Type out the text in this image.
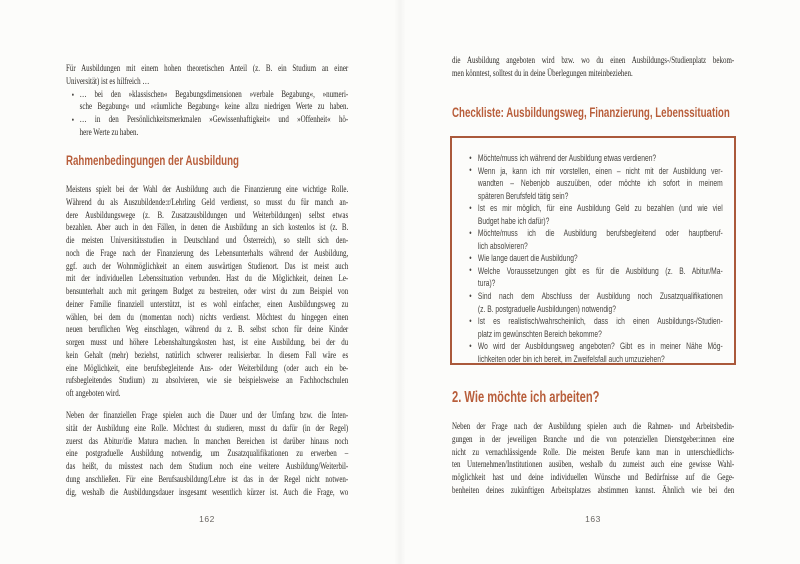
Für Ausbildungen mit einem hohen theoretischen Anteil (z. B. ein Studium an einer
Universität) ist es hilfreich …
• … bei den »klassischen« Begabungsdimensionen »verbale Begabung«, »numeri-
sche Begabung« und »räumliche Begabung« keine allzu niedrigen Werte zu haben.
• … in den Persönlichkeitsmerkmalen »Gewissenhaftigkeit« und »Offenheit« hö-
here Werte zu haben.
Rahmenbedingungen der Ausbildung
Meistens spielt bei der Wahl der Ausbildung auch die Finanzierung eine wichtige Rolle.
Während du als Auszubildende:r/Lehrling Geld verdienst, so musst du für manch an-
dere Ausbildungswege (z. B. Zusatzausbildungen und Weiterbildungen) selbst etwas
bezahlen. Aber auch in den Fällen, in denen die Ausbildung an sich kostenlos ist (z. B.
die meisten Universitätsstudien in Deutschland und Österreich), so stellt sich den-
noch die Frage nach der Finanzierung des Lebensunterhalts während der Ausbildung,
ggf. auch der Wohnmöglichkeit an einem auswärtigen Studienort. Das ist meist auch
mit der individuellen Lebenssituation verbunden. Hast du die Möglichkeit, deinen Le-
bensunterhalt auch mit geringem Budget zu bestreiten, oder wirst du zum Beispiel von
deiner Familie finanziell unterstützt, ist es wohl einfacher, einen Ausbildungsweg zu
wählen, bei dem du (momentan noch) nichts verdienst. Möchtest du hingegen einen
neuen beruflichen Weg einschlagen, während du z. B. selbst schon für deine Kinder
sorgen musst und höhere Lebenshaltungskosten hast, ist eine Ausbildung, bei der du
kein Gehalt (mehr) beziehst, natürlich schwerer realisierbar. In diesem Fall wäre es
eine Möglichkeit, eine berufsbegleitende Aus- oder Weiterbildung (oder auch ein be-
rufsbegleitendes Studium) zu absolvieren, wie sie beispielsweise an Fachhochschulen
oft angeboten wird.
Neben der finanziellen Frage spielen auch die Dauer und der Umfang bzw. die Inten-
sität der Ausbildung eine Rolle. Möchtest du studieren, musst du dafür (in der Regel)
zuerst das Abitur/die Matura machen. In manchen Bereichen ist darüber hinaus noch
eine postgraduelle Ausbildung notwendig, um Zusatzqualifikationen zu erwerben –
das heißt, du müsstest nach dem Studium noch eine weitere Ausbildung/Weiterbil-
dung anschließen. Für eine Berufsausbildung/Lehre ist das in der Regel nicht notwen-
dig, weshalb die Ausbildungsdauer insgesamt wesentlich kürzer ist. Auch die Frage, wo
162
die Ausbildung angeboten wird bzw. wo du einen Ausbildungs-/Studienplatz bekom-
men könntest, solltest du in deine Überlegungen miteinbeziehen.
Checkliste: Ausbildungsweg, Finanzierung, Lebenssituation
• Möchte/muss ich während der Ausbildung etwas verdienen?
• Wenn ja, kann ich mir vorstellen, einen – nicht mit der Ausbildung ver-
wandten – Nebenjob auszuüben, oder möchte ich sofort in meinem
späteren Berufsfeld tätig sein?
• Ist es mir möglich, für eine Ausbildung Geld zu bezahlen (und wie viel
Budget habe ich dafür)?
• Möchte/muss ich die Ausbildung berufsbegleitend oder hauptberuf-
lich absolvieren?
• Wie lange dauert die Ausbildung?
• Welche Voraussetzungen gibt es für die Ausbildung (z. B. Abitur/Ma-
tura)?
• Sind nach dem Abschluss der Ausbildung noch Zusatzqualifikationen
(z. B. postgraduelle Ausbildungen) notwendig?
• Ist es realistisch/wahrscheinlich, dass ich einen Ausbildungs-/Studien-
platz im gewünschten Bereich bekomme?
• Wo wird der Ausbildungsweg angeboten? Gibt es in meiner Nähe Mög-
lichkeiten oder bin ich bereit, im Zweifelsfall auch umzuziehen?
2. Wie möchte ich arbeiten?
Neben der Frage nach der Ausbildung spielen auch die Rahmen- und Arbeitsbedin-
gungen in der jeweiligen Branche und die von potenziellen Dienstgeber:innen eine
nicht zu vernachlässigende Rolle. Die meisten Berufe kann man in unterschiedlichs-
ten Unternehmen/Institutionen ausüben, weshalb du zumeist auch eine gewisse Wahl-
möglichkeit hast und deine individuellen Wünsche und Bedürfnisse auf die Gege-
benheiten deines zukünftigen Arbeitsplatzes abstimmen kannst. Ähnlich wie bei den
163
